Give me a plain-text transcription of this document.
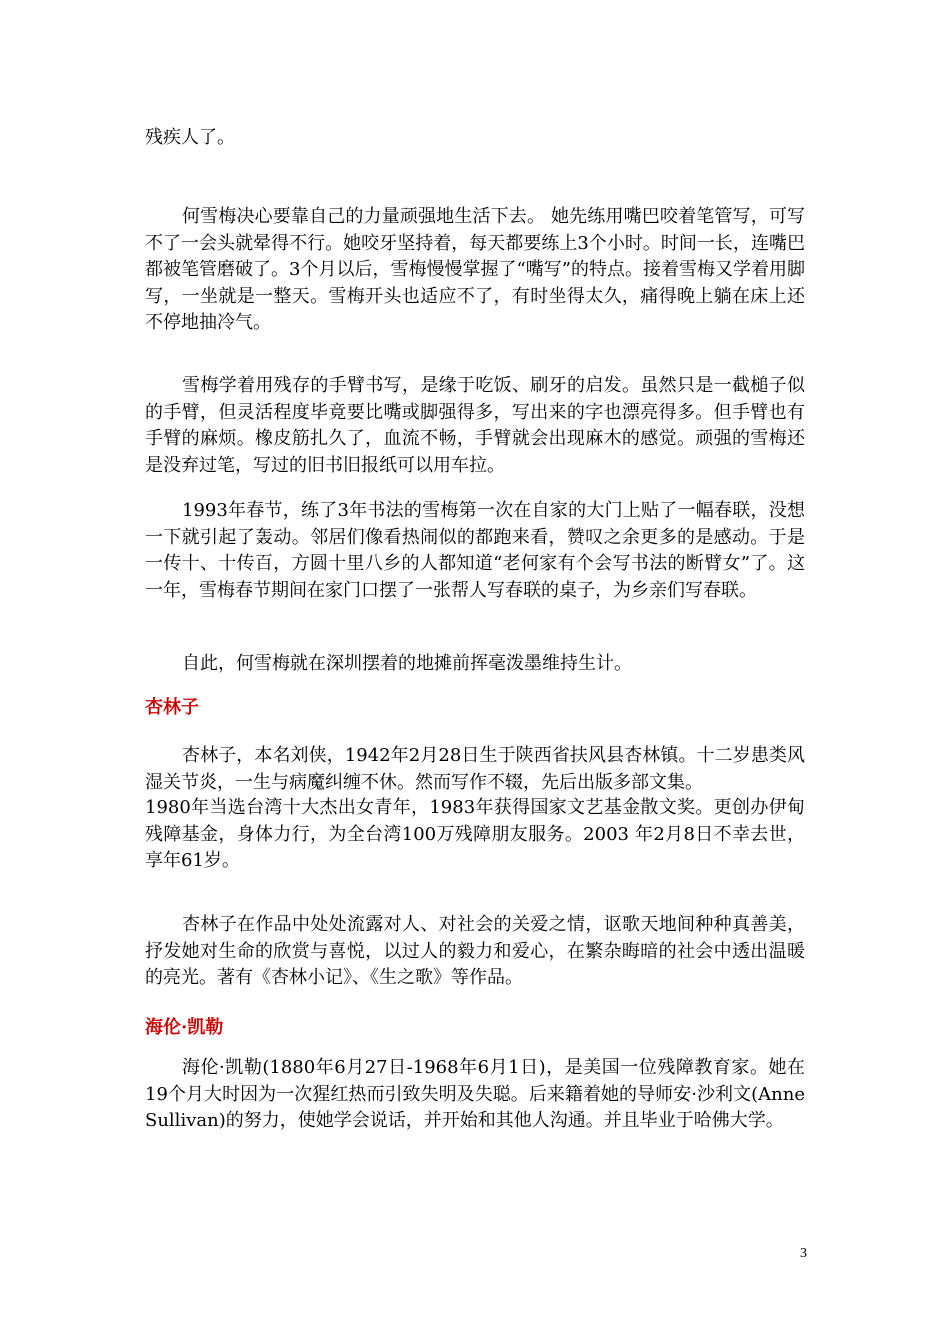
残疾人了。
何雪梅决心要靠自己的力量顽强地生活下去。 她先练用嘴巴咬着笔管写，可写不了一会头就晕得不行。她咬牙坚持着，每天都要练上3个小时。时间一长，连嘴巴都被笔管磨破了。3个月以后，雪梅慢慢掌握了“嘴写”的特点。接着雪梅又学着用脚写，一坐就是一整天。雪梅开头也适应不了，有时坐得太久，痛得晚上躺在床上还不停地抽冷气。
雪梅学着用残存的手臂书写，是缘于吃饭、刷牙的启发。虽然只是一截槌子似的手臂，但灵活程度毕竟要比嘴或脚强得多，写出来的字也漂亮得多。但手臂也有手臂的麻烦。橡皮筋扎久了，血流不畅，手臂就会出现麻木的感觉。顽强的雪梅还是没弃过笔，写过的旧书旧报纸可以用车拉。
1993年春节，练了3年书法的雪梅第一次在自家的大门上贴了一幅春联，没想一下就引起了轰动。邻居们像看热闹似的都跑来看，赞叹之余更多的是感动。于是一传十、十传百，方圆十里八乡的人都知道“老何家有个会写书法的断臂女”了。这一年，雪梅春节期间在家门口摆了一张帮人写春联的桌子，为乡亲们写春联。
自此，何雪梅就在深圳摆着的地摊前挥毫泼墨维持生计。
杏林子
杏林子，本名刘侠，1942年2月28日生于陕西省扶风县杏林镇。十二岁患类风湿关节炎，一生与病魔纠缠不休。然而写作不辍，先后出版多部文集。
1980年当选台湾十大杰出女青年，1983年获得国家文艺基金散文奖。更创办伊甸残障基金，身体力行，为全台湾100万残障朋友服务。2003 年2月8日不幸去世，享年61岁。
杏林子在作品中处处流露对人、对社会的关爱之情，讴歌天地间种种真善美，抒发她对生命的欣赏与喜悦，以过人的毅力和爱心，在繁杂晦暗的社会中透出温暖的亮光。著有《杏林小记》、《生之歌》等作品。
海伦·凯勒
海伦·凯勒(1880年6月27日-1968年6月1日)，是美国一位残障教育家。她在19个月大时因为一次猩红热而引致失明及失聪。后来籍着她的导师安·沙利文(Anne Sullivan)的努力，使她学会说话，并开始和其他人沟通。并且毕业于哈佛大学。
3
